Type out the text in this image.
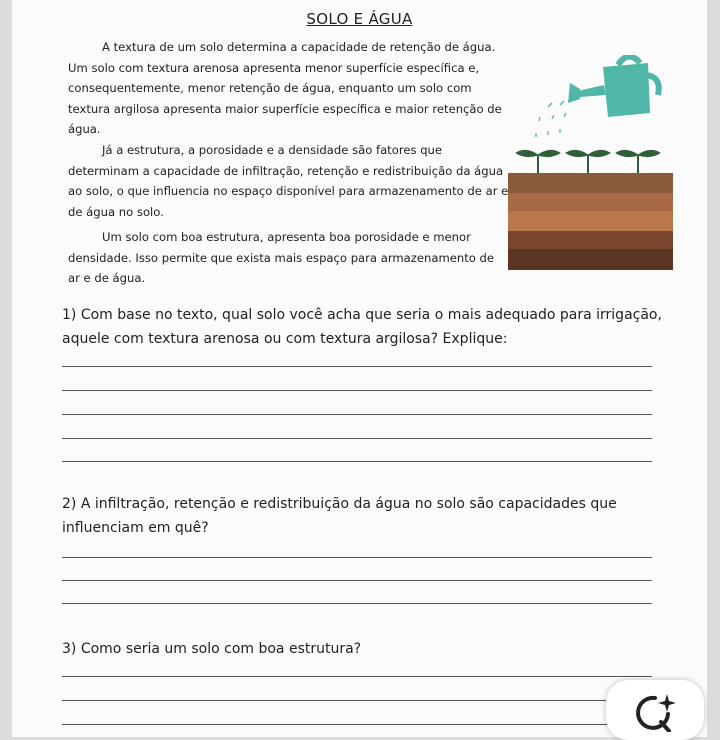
SOLO E ÁGUA

A textura de um solo determina a capacidade de retenção de água. Um solo com textura arenosa apresenta menor superfície específica e, consequentemente, menor retenção de água, enquanto um solo com textura argilosa apresenta maior superfície específica e maior retenção de água.

Já a estrutura, a porosidade e a densidade são fatores que determinam a capacidade de infiltração, retenção e redistribuição da água ao solo, o que influencia no espaço disponível para armazenamento de ar e de água no solo.

Um solo com boa estrutura, apresenta boa porosidade e menor densidade. Isso permite que exista mais espaço para armazenamento de ar e de água.

1) Com base no texto, qual solo você acha que seria o mais adequado para irrigação, aquele com textura arenosa ou com textura argilosa? Explique:

2) A infiltração, retenção e redistribuição da água no solo são capacidades que influenciam em quê?

3) Como seria um solo com boa estrutura?
